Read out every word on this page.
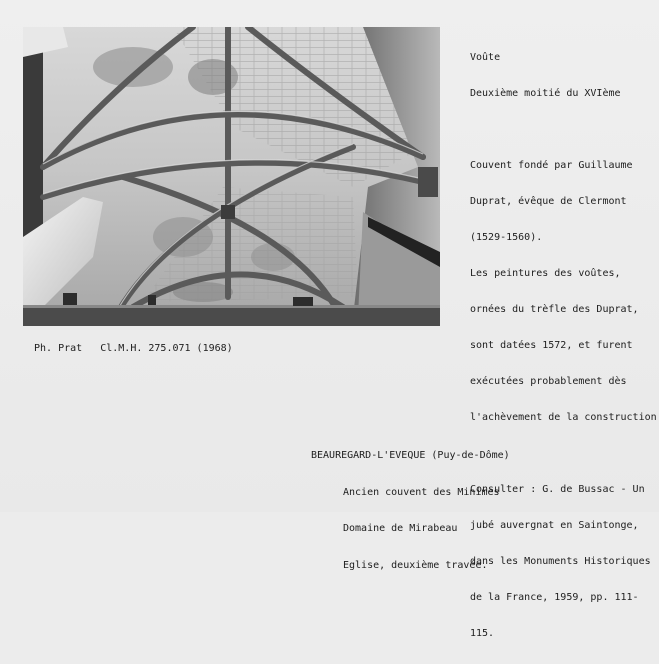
Voûte

Deuxième moitié du XVIème

Couvent fondé par Guillaume

Duprat, évêque de Clermont

(1529-1560).

Les peintures des voûtes,

ornées du trèfle des Duprat,

sont datées 1572, et furent

exécutées probablement dès

l'achèvement de la construction

Consulter : G. de Bussac - Un

jubé auvergnat en Saintonge,

dans les Monuments Historiques

de la France, 1959, pp. 111-

115.

Ph. Prat   Cl.M.H. 275.071 (1968)

BEAUREGARD-L'EVEQUE (Puy-de-Dôme)

Ancien couvent des Minimes

Domaine de Mirabeau

Eglise, deuxième travée.
